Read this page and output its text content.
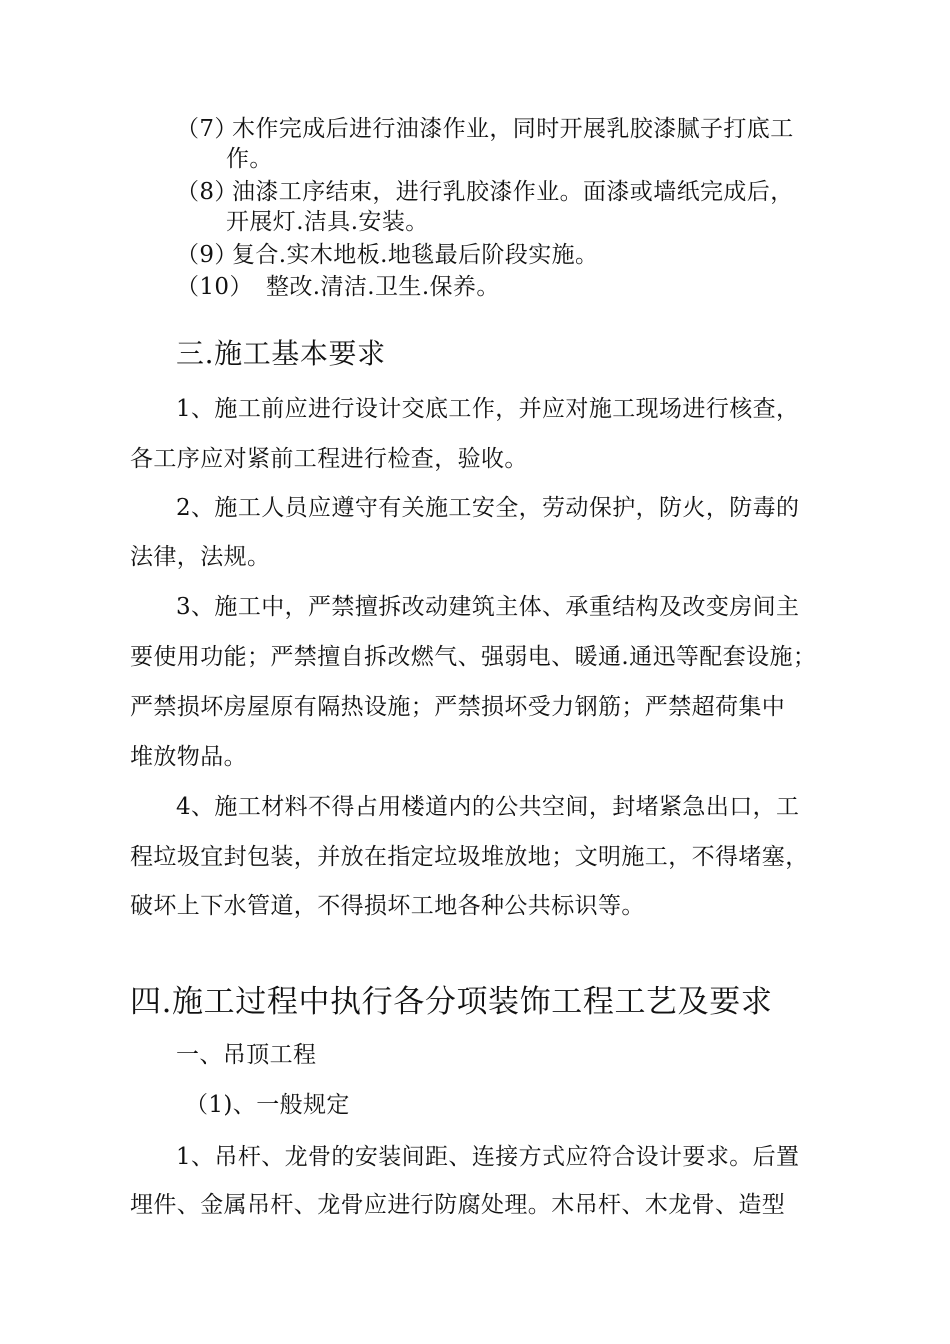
（7）
木作完成后进行油漆作业，同时开展乳胶漆腻子打底工
作。
（8）
油漆工序结束，进行乳胶漆作业。面漆或墙纸完成后，
开展灯.洁具.安装。
（9）
复合.实木地板.地毯最后阶段实施。
（10） 整改.清洁.卫生.保养。
三.施工基本要求
1、施工前应进行设计交底工作，并应对施工现场进行核查，
各工序应对紧前工程进行检查，验收。
2、施工人员应遵守有关施工安全，劳动保护，防火，防毒的
法律，法规。
3、施工中，严禁擅拆改动建筑主体、承重结构及改变房间主
要使用功能；严禁擅自拆改燃气、强弱电、暖通.通迅等配套设施；
严禁损坏房屋原有隔热设施；严禁损坏受力钢筋；严禁超荷集中
堆放物品。
4、施工材料不得占用楼道内的公共空间，封堵紧急出口，工
程垃圾宜封包装，并放在指定垃圾堆放地；文明施工，不得堵塞，
破坏上下水管道，不得损坏工地各种公共标识等。
四.施工过程中执行各分项装饰工程工艺及要求
一、吊顶工程
（1)、一般规定
1、吊杆、龙骨的安装间距、连接方式应符合设计要求。后置
埋件、金属吊杆、龙骨应进行防腐处理。木吊杆、木龙骨、造型
